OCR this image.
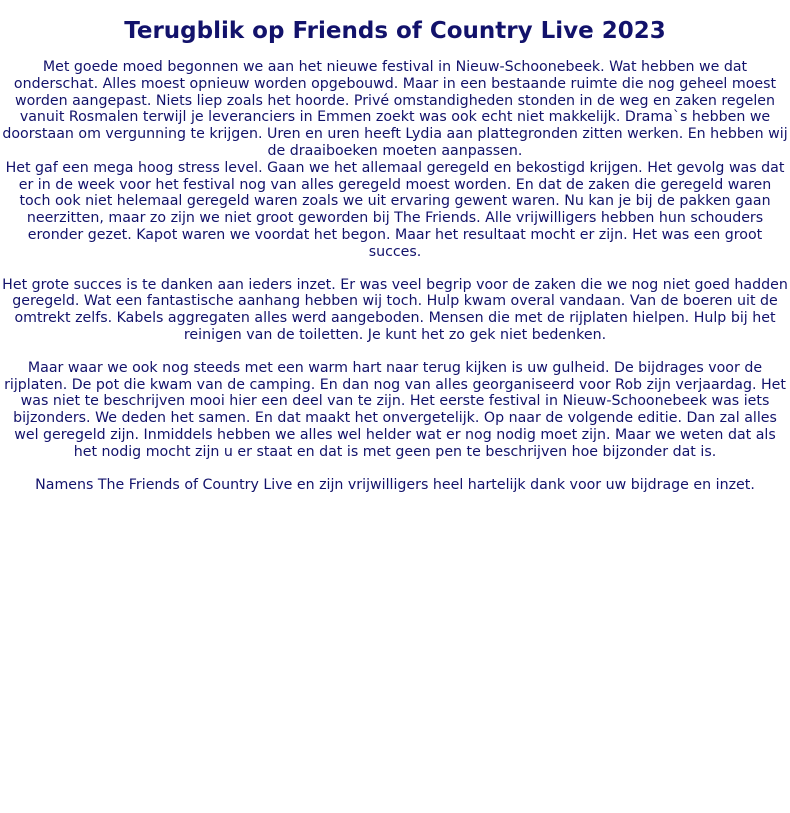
Terugblik op Friends of Country Live 2023

Met goede moed begonnen we aan het nieuwe festival in Nieuw-Schoonebeek. Wat hebben we dat onderschat. Alles moest opnieuw worden opgebouwd. Maar in een bestaande ruimte die nog geheel moest worden aangepast. Niets liep zoals het hoorde. Privé omstandigheden stonden in de weg en zaken regelen vanuit Rosmalen terwijl je leveranciers in Emmen zoekt was ook echt niet makkelijk. Drama`s hebben we doorstaan om vergunning te krijgen. Uren en uren heeft Lydia aan plattegronden zitten werken. En hebben wij de draaiboeken moeten aanpassen.
Het gaf een mega hoog stress level. Gaan we het allemaal geregeld en bekostigd krijgen. Het gevolg was dat er in de week voor het festival nog van alles geregeld moest worden. En dat de zaken die geregeld waren toch ook niet helemaal geregeld waren zoals we uit ervaring gewent waren. Nu kan je bij de pakken gaan neerzitten, maar zo zijn we niet groot geworden bij The Friends. Alle vrijwilligers hebben hun schouders eronder gezet. Kapot waren we voordat het begon. Maar het resultaat mocht er zijn. Het was een groot succes.

Het grote succes is te danken aan ieders inzet. Er was veel begrip voor de zaken die we nog niet goed hadden geregeld. Wat een fantastische aanhang hebben wij toch. Hulp kwam overal vandaan. Van de boeren uit de omtrekt zelfs. Kabels aggregaten alles werd aangeboden. Mensen die met de rijplaten hielpen. Hulp bij het reinigen van de toiletten. Je kunt het zo gek niet bedenken.

Maar waar we ook nog steeds met een warm hart naar terug kijken is uw gulheid. De bijdrages voor de rijplaten. De pot die kwam van de camping. En dan nog van alles georganiseerd voor Rob zijn verjaardag. Het was niet te beschrijven mooi hier een deel van te zijn. Het eerste festival in Nieuw-Schoonebeek was iets bijzonders. We deden het samen. En dat maakt het onvergetelijk. Op naar de volgende editie. Dan zal alles wel geregeld zijn. Inmiddels hebben we alles wel helder wat er nog nodig moet zijn. Maar we weten dat als het nodig mocht zijn u er staat en dat is met geen pen te beschrijven hoe bijzonder dat is.

Namens The Friends of Country Live en zijn vrijwilligers heel hartelijk dank voor uw bijdrage en inzet.
